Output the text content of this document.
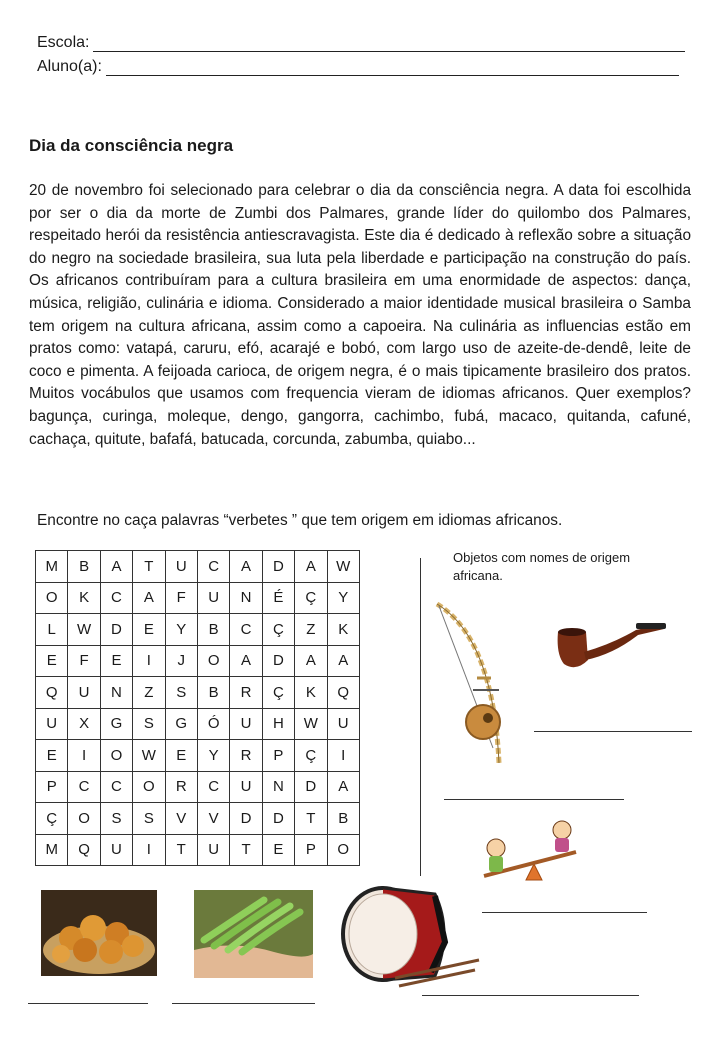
Escola:
Aluno(a):
Dia da consciência negra
20 de novembro foi selecionado para celebrar o dia da consciência negra. A data foi escolhida por ser o dia da morte de Zumbi dos Palmares, grande líder do quilombo dos Palmares, respeitado herói da resistência antiescravagista. Este dia é dedicado à reflexão sobre a situação do negro na sociedade brasileira, sua luta pela liberdade e participação na construção do país. Os africanos contribuíram para a cultura brasileira em uma enormidade de aspectos: dança, música, religião, culinária e idioma. Considerado a maior identidade musical brasileira o Samba tem origem na cultura africana, assim como a capoeira. Na culinária as influencias estão em pratos como: vatapá, caruru, efó, acarajé e bobó, com largo uso de azeite-de-dendê, leite de coco e pimenta. A feijoada carioca, de origem negra, é o mais tipicamente brasileiro dos pratos. Muitos vocábulos que usamos com frequencia vieram de idiomas africanos. Quer exemplos? bagunça, curinga, moleque, dengo, gangorra, cachimbo, fubá, macaco, quitanda, cafuné, cachaça, quitute, bafafá, batucada, corcunda, zabumba, quiabo...
Encontre no caça palavras “verbetes ” que tem origem em idiomas africanos.
M	B	A	T	U	C	A	D	A	W
O	K	C	A	F	U	N	É	Ç	Y
L	W	D	E	Y	B	C	Ç	Z	K
E	F	E	I	J	O	A	D	A	A
Q	U	N	Z	S	B	R	Ç	K	Q
U	X	G	S	G	Ó	U	H	W	U
E	I	O	W	E	Y	R	P	Ç	I
P	C	C	O	R	C	U	N	D	A
Ç	O	S	S	V	V	D	D	T	B
M	Q	U	I	T	U	T	E	P	O
Objetos com nomes de origem africana.
